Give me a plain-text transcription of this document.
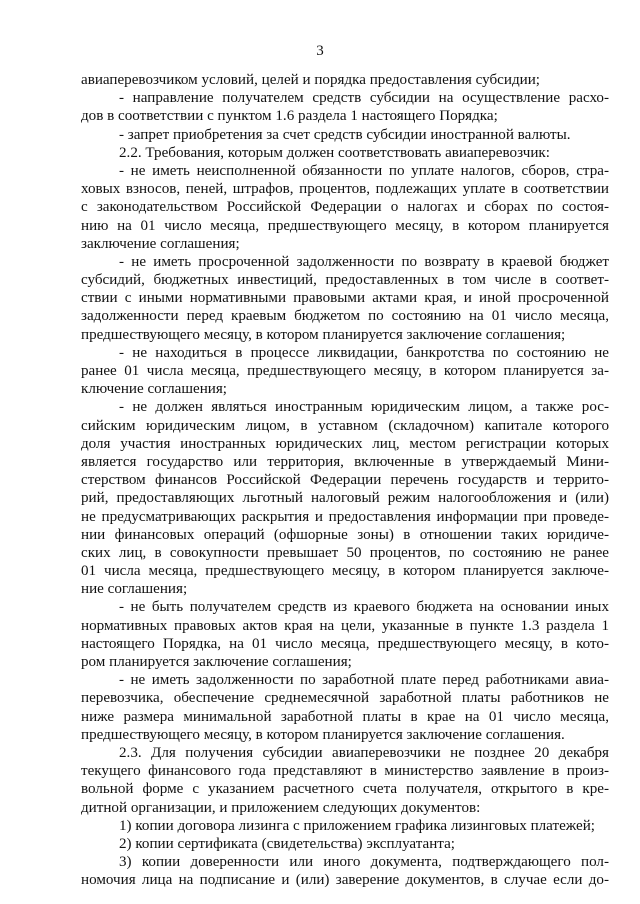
3
авиаперевозчиком условий, целей и порядка предоставления субсидии;
- направление получателем средств субсидии на осуществление расхо-
дов в соответствии с пунктом 1.6 раздела 1 настоящего Порядка;
- запрет приобретения за счет средств субсидии иностранной валюты.
2.2. Требования, которым должен соответствовать авиаперевозчик:
- не иметь неисполненной обязанности по уплате налогов, сборов, стра-
ховых взносов, пеней, штрафов, процентов, подлежащих уплате в соответствии
с законодательством Российской Федерации о налогах и сборах по состоя-
нию на 01 число месяца, предшествующего месяцу, в котором планируется
заключение соглашения;
- не иметь просроченной задолженности по возврату в краевой бюджет
субсидий, бюджетных инвестиций, предоставленных в том числе в соответ-
ствии с иными нормативными правовыми актами края, и иной просроченной
задолженности перед краевым бюджетом по состоянию на 01 число месяца,
предшествующего месяцу, в котором планируется заключение соглашения;
- не находиться в процессе ликвидации, банкротства по состоянию не
ранее 01 числа месяца, предшествующего месяцу, в котором планируется за-
ключение соглашения;
- не должен являться иностранным юридическим лицом, а также рос-
сийским юридическим лицом, в уставном (складочном) капитале которого
доля участия иностранных юридических лиц, местом регистрации которых
является государство или территория, включенные в утверждаемый Мини-
стерством финансов Российской Федерации перечень государств и террито-
рий, предоставляющих льготный налоговый режим налогообложения и (или)
не предусматривающих раскрытия и предоставления информации при проведе-
нии финансовых операций (офшорные зоны) в отношении таких юридиче-
ских лиц, в совокупности превышает 50 процентов, по состоянию не ранее
01 числа месяца, предшествующего месяцу, в котором планируется заключе-
ние соглашения;
- не быть получателем средств из краевого бюджета на основании иных
нормативных правовых актов края на цели, указанные в пункте 1.3 раздела 1
настоящего Порядка, на 01 число месяца, предшествующего месяцу, в кото-
ром планируется заключение соглашения;
- не иметь задолженности по заработной плате перед работниками авиа-
перевозчика, обеспечение среднемесячной заработной платы работников не
ниже размера минимальной заработной платы в крае на 01 число месяца,
предшествующего месяцу, в котором планируется заключение соглашения.
2.3. Для получения субсидии авиаперевозчики не позднее 20 декабря
текущего финансового года представляют в министерство заявление в произ-
вольной форме с указанием расчетного счета получателя, открытого в кре-
дитной организации, и приложением следующих документов:
1) копии договора лизинга с приложением графика лизинговых платежей;
2) копии сертификата (свидетельства) эксплуатанта;
3) копии доверенности или иного документа, подтверждающего пол-
номочия лица на подписание и (или) заверение документов, в случае если до-
